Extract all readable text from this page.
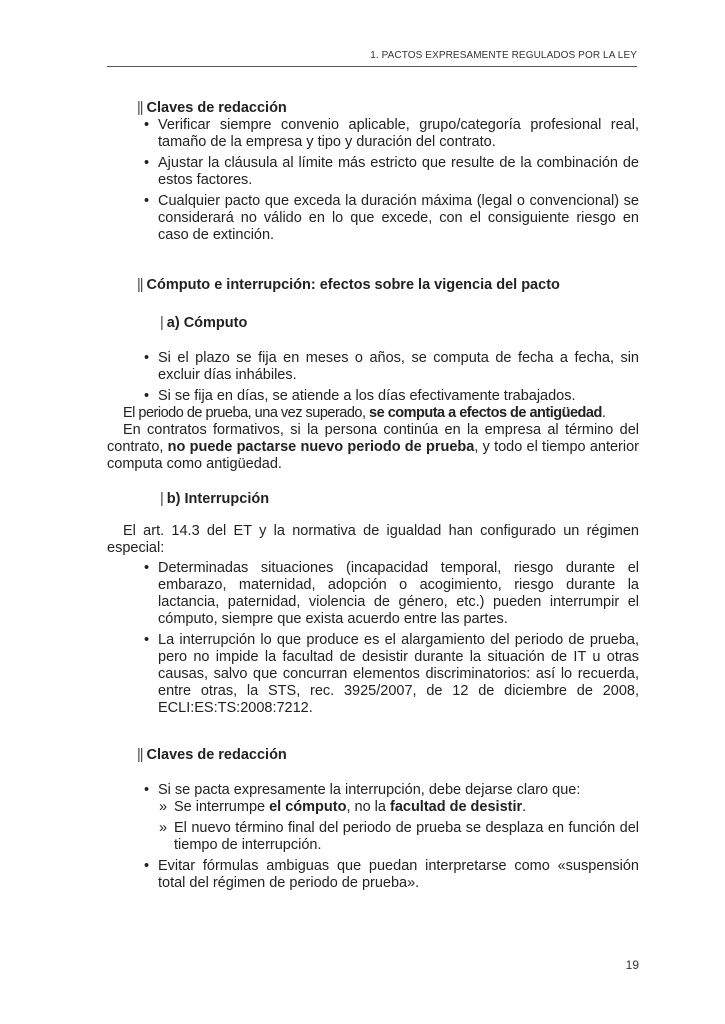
1. PACTOS EXPRESAMENTE REGULADOS POR LA LEY
|| Claves de redacción
• Verificar siempre convenio aplicable, grupo/categoría profesional real, tamaño de la empresa y tipo y duración del contrato.
• Ajustar la cláusula al límite más estricto que resulte de la combinación de estos factores.
• Cualquier pacto que exceda la duración máxima (legal o convencional) se considerará no válido en lo que excede, con el consiguiente riesgo en caso de extinción.
|| Cómputo e interrupción: efectos sobre la vigencia del pacto
| a) Cómputo
• Si el plazo se fija en meses o años, se computa de fecha a fecha, sin excluir días inhábiles.
• Si se fija en días, se atiende a los días efectivamente trabajados.

El periodo de prueba, una vez superado, se computa a efectos de antigüedad.

En contratos formativos, si la persona continúa en la empresa al término del contrato, no puede pactarse nuevo periodo de prueba, y todo el tiempo anterior computa como antigüedad.

| b) Interrupción

El art. 14.3 del ET y la normativa de igualdad han configurado un régimen especial:

• Determinadas situaciones (incapacidad temporal, riesgo durante el embarazo, maternidad, adopción o acogimiento, riesgo durante la lactancia, paternidad, violencia de género, etc.) pueden interrumpir el cómputo, siempre que exista acuerdo entre las partes.
• La interrupción lo que produce es el alargamiento del periodo de prueba, pero no impide la facultad de desistir durante la situación de IT u otras causas, salvo que concurran elementos discriminatorios: así lo recuerda, entre otras, la STS, rec. 3925/2007, de 12 de diciembre de 2008, ECLI:ES:TS:2008:7212.
|| Claves de redacción
• Si se pacta expresamente la interrupción, debe dejarse claro que:
» Se interrumpe el cómputo, no la facultad de desistir.
» El nuevo término final del periodo de prueba se desplaza en función del tiempo de interrupción.
• Evitar fórmulas ambiguas que puedan interpretarse como «suspensión total del régimen de periodo de prueba».
19
